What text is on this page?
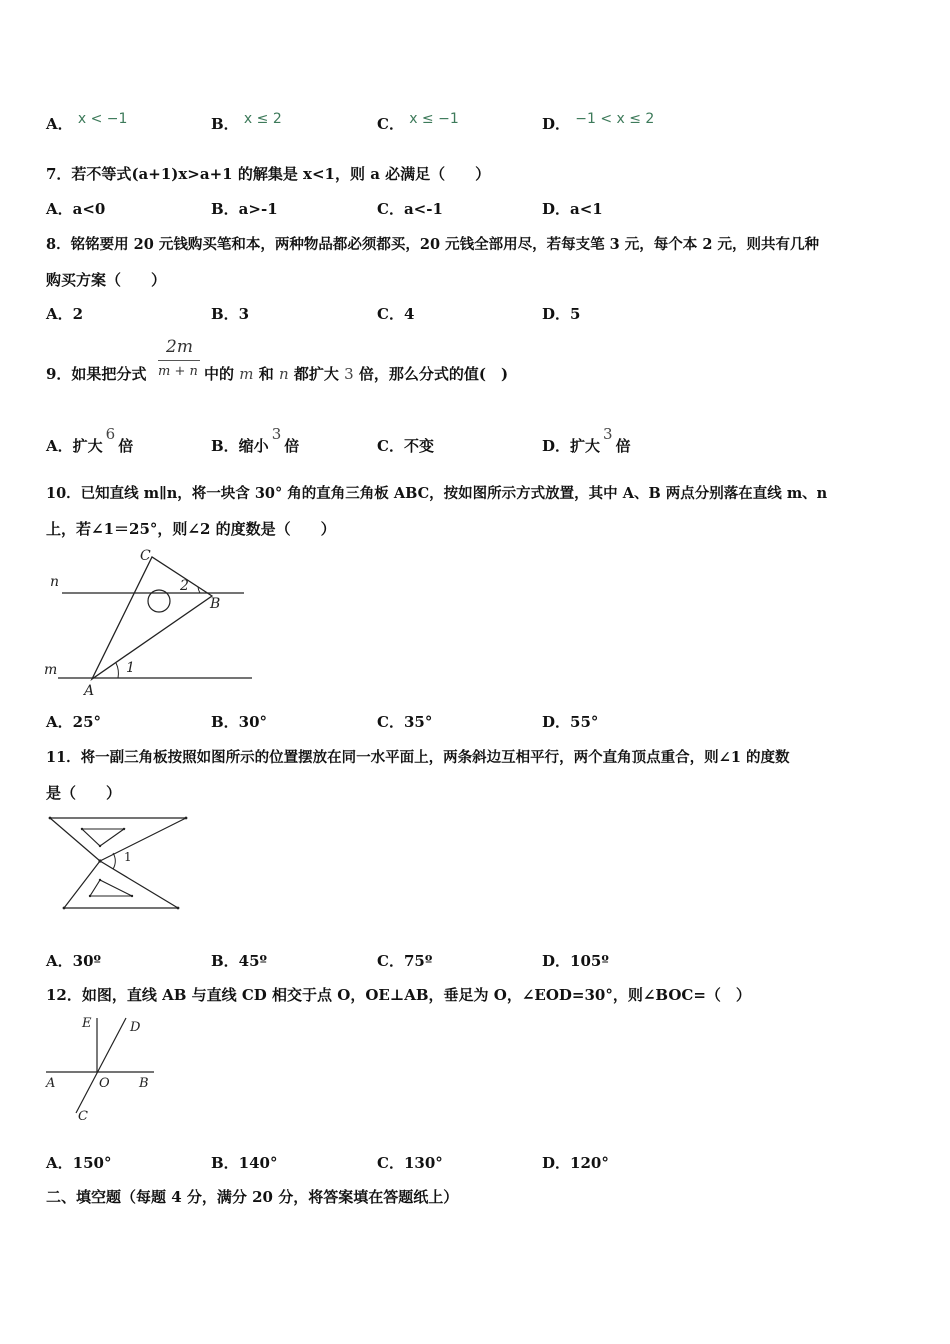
A． x < −1	B． x ≤ 2	C． x ≤ −1	D． −1 < x ≤ 2
7．若不等式(a+1)x>a+1 的解集是 x<1，则 a 必满足（　　）
A．a<0	B．a>-1	C．a<-1	D．a<1
8．铭铭要用 20 元钱购买笔和本，两种物品都必须都买，20 元钱全部用尽，若每支笔 3 元，每个本 2 元，则共有几种
购买方案（　　）
A．2	B．3	C．4	D．5
9．如果把分式
2m
m + n 中的 m 和 n 都扩大 3 倍，那么分式的值(　)
A．扩大6倍	B．缩小3倍	C．不变	D．扩大3倍
10．已知直线 m∥n，将一块含 30° 角的直角三角板 ABC，按如图所示方式放置，其中 A、B 两点分别落在直线 m、n
上，若∠1＝25°，则∠2 的度数是（　　）
C
n	2
B
m	1
A
A．25°	B．30°	C．35°	D．55°
11．将一副三角板按照如图所示的位置摆放在同一水平面上，两条斜边互相平行，两个直角顶点重合，则∠1 的度数
是（　　）
1
A．30º	B．45º	C．75º	D．105º
12．如图，直线 AB 与直线 CD 相交于点 O，OE⊥AB，垂足为 O，∠EOD=30°，则∠BOC=（　）
E	D
A	O B
C
A．150°	B．140°	C．130°	D．120°
二、填空题（每题 4 分，满分 20 分，将答案填在答题纸上）
